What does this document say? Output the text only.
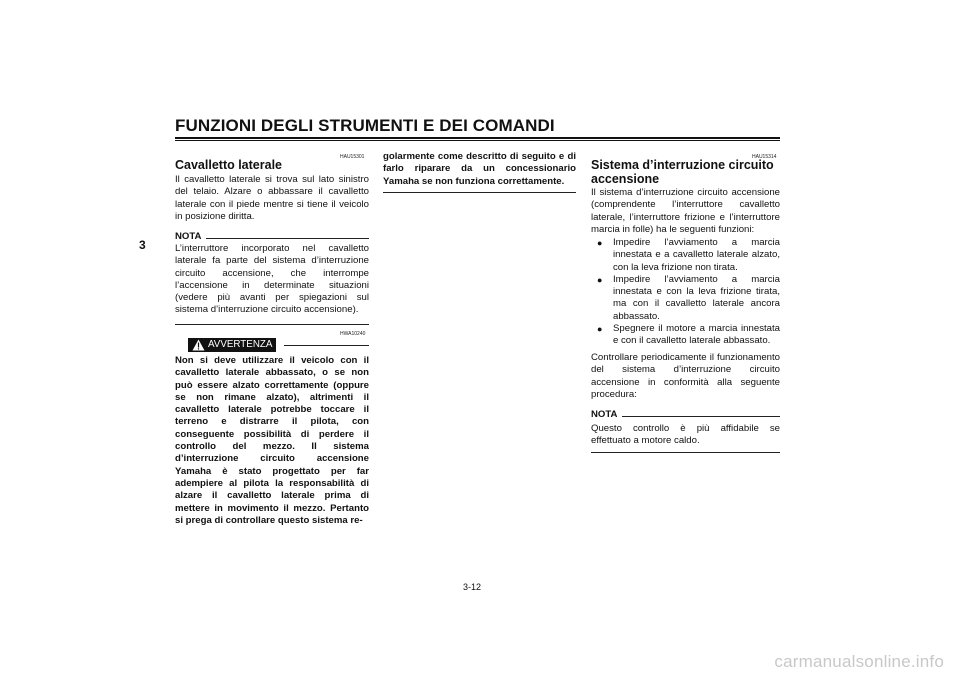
FUNZIONI DEGLI STRUMENTI E DEI COMANDI
3
HAU15301
Cavalletto laterale
Il cavalletto laterale si trova sul lato sinistro del telaio. Alzare o abbassare il cavalletto laterale con il piede mentre si tiene il veicolo in posizione diritta.
NOTA
L’interruttore incorporato nel cavalletto laterale fa parte del sistema d’interruzione circuito accensione, che interrompe l’accensione in determinate situazioni (vedere più avanti per spiegazioni sul sistema d’interruzione circuito accensione).
HWA10240
AVVERTENZA
Non si deve utilizzare il veicolo con il cavalletto laterale abbassato, o se non può essere alzato correttamente (oppure se non rimane alzato), altrimenti il cavalletto laterale potrebbe toccare il terreno e distrarre il pilota, con conseguente possibilità di perdere il controllo del mezzo. Il sistema d’interruzione circuito accensione Yamaha è stato progettato per far adempiere al pilota la responsabilità di alzare il cavalletto laterale prima di mettere in movimento il mezzo. Pertanto si prega di controllare questo sistema re-
golarmente come descritto di seguito e di farlo riparare da un concessionario Yamaha se non funziona correttamente.
HAU15314
Sistema d’interruzione circuito accensione
Il sistema d’interruzione circuito accensione (comprendente l’interruttore cavalletto laterale, l’interruttore frizione e l’interruttore marcia in folle) ha le seguenti funzioni:
● Impedire l’avviamento a marcia innestata e a cavalletto laterale alzato, con la leva frizione non tirata.
● Impedire l’avviamento a marcia innestata e con la leva frizione tirata, ma con il cavalletto laterale ancora abbassato.
● Spegnere il motore a marcia innestata e con il cavalletto laterale abbassato.
Controllare periodicamente il funzionamento del sistema d’interruzione circuito accensione in conformità alla seguente procedura:
NOTA
Questo controllo è più affidabile se effettuato a motore caldo.
3-12
carmanualsonline.info
